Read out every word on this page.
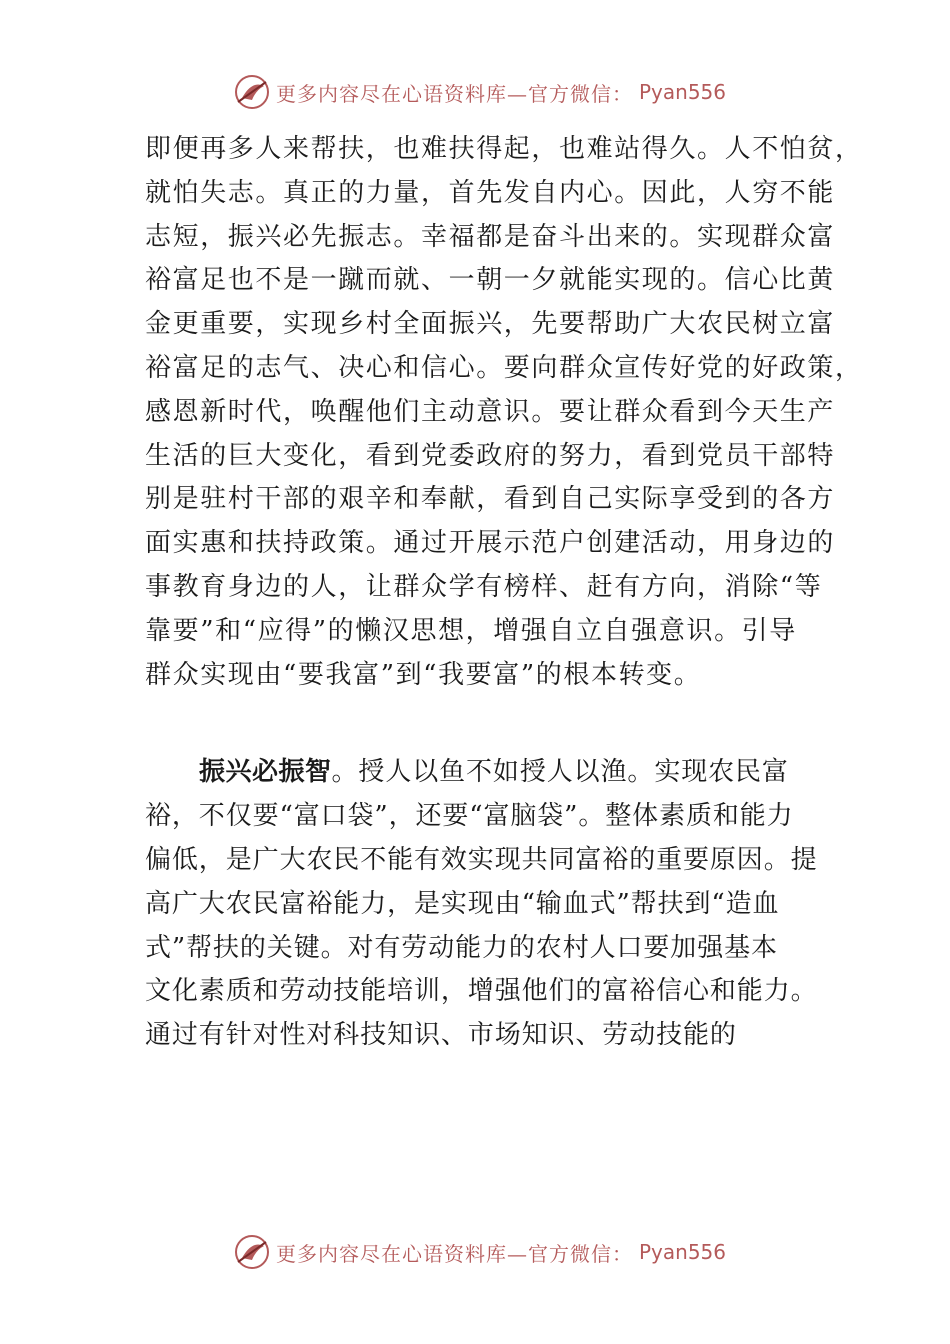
更多内容尽在心语资料库—官方微信： Pyan556
即便再多人来帮扶，也难扶得起，也难站得久。人不怕贫，
就怕失志。真正的力量，首先发自内心。因此，人穷不能
志短，振兴必先振志。幸福都是奋斗出来的。实现群众富
裕富足也不是一蹴而就、一朝一夕就能实现的。信心比黄
金更重要，实现乡村全面振兴，先要帮助广大农民树立富
裕富足的志气、决心和信心。要向群众宣传好党的好政策，
感恩新时代，唤醒他们主动意识。要让群众看到今天生产
生活的巨大变化，看到党委政府的努力，看到党员干部特
别是驻村干部的艰辛和奉献，看到自己实际享受到的各方
面实惠和扶持政策。通过开展示范户创建活动，用身边的
事教育身边的人，让群众学有榜样、赶有方向，消除“等
靠要”和“应得”的懒汉思想，增强自立自强意识。引导
群众实现由“要我富”到“我要富”的根本转变。
振兴必振智。授人以鱼不如授人以渔。实现农民富
裕，不仅要“富口袋”，还要“富脑袋”。整体素质和能力
偏低，是广大农民不能有效实现共同富裕的重要原因。提
高广大农民富裕能力，是实现由“输血式”帮扶到“造血
式”帮扶的关键。对有劳动能力的农村人口要加强基本
文化素质和劳动技能培训，增强他们的富裕信心和能力。
通过有针对性对科技知识、市场知识、劳动技能的
更多内容尽在心语资料库—官方微信： Pyan556
